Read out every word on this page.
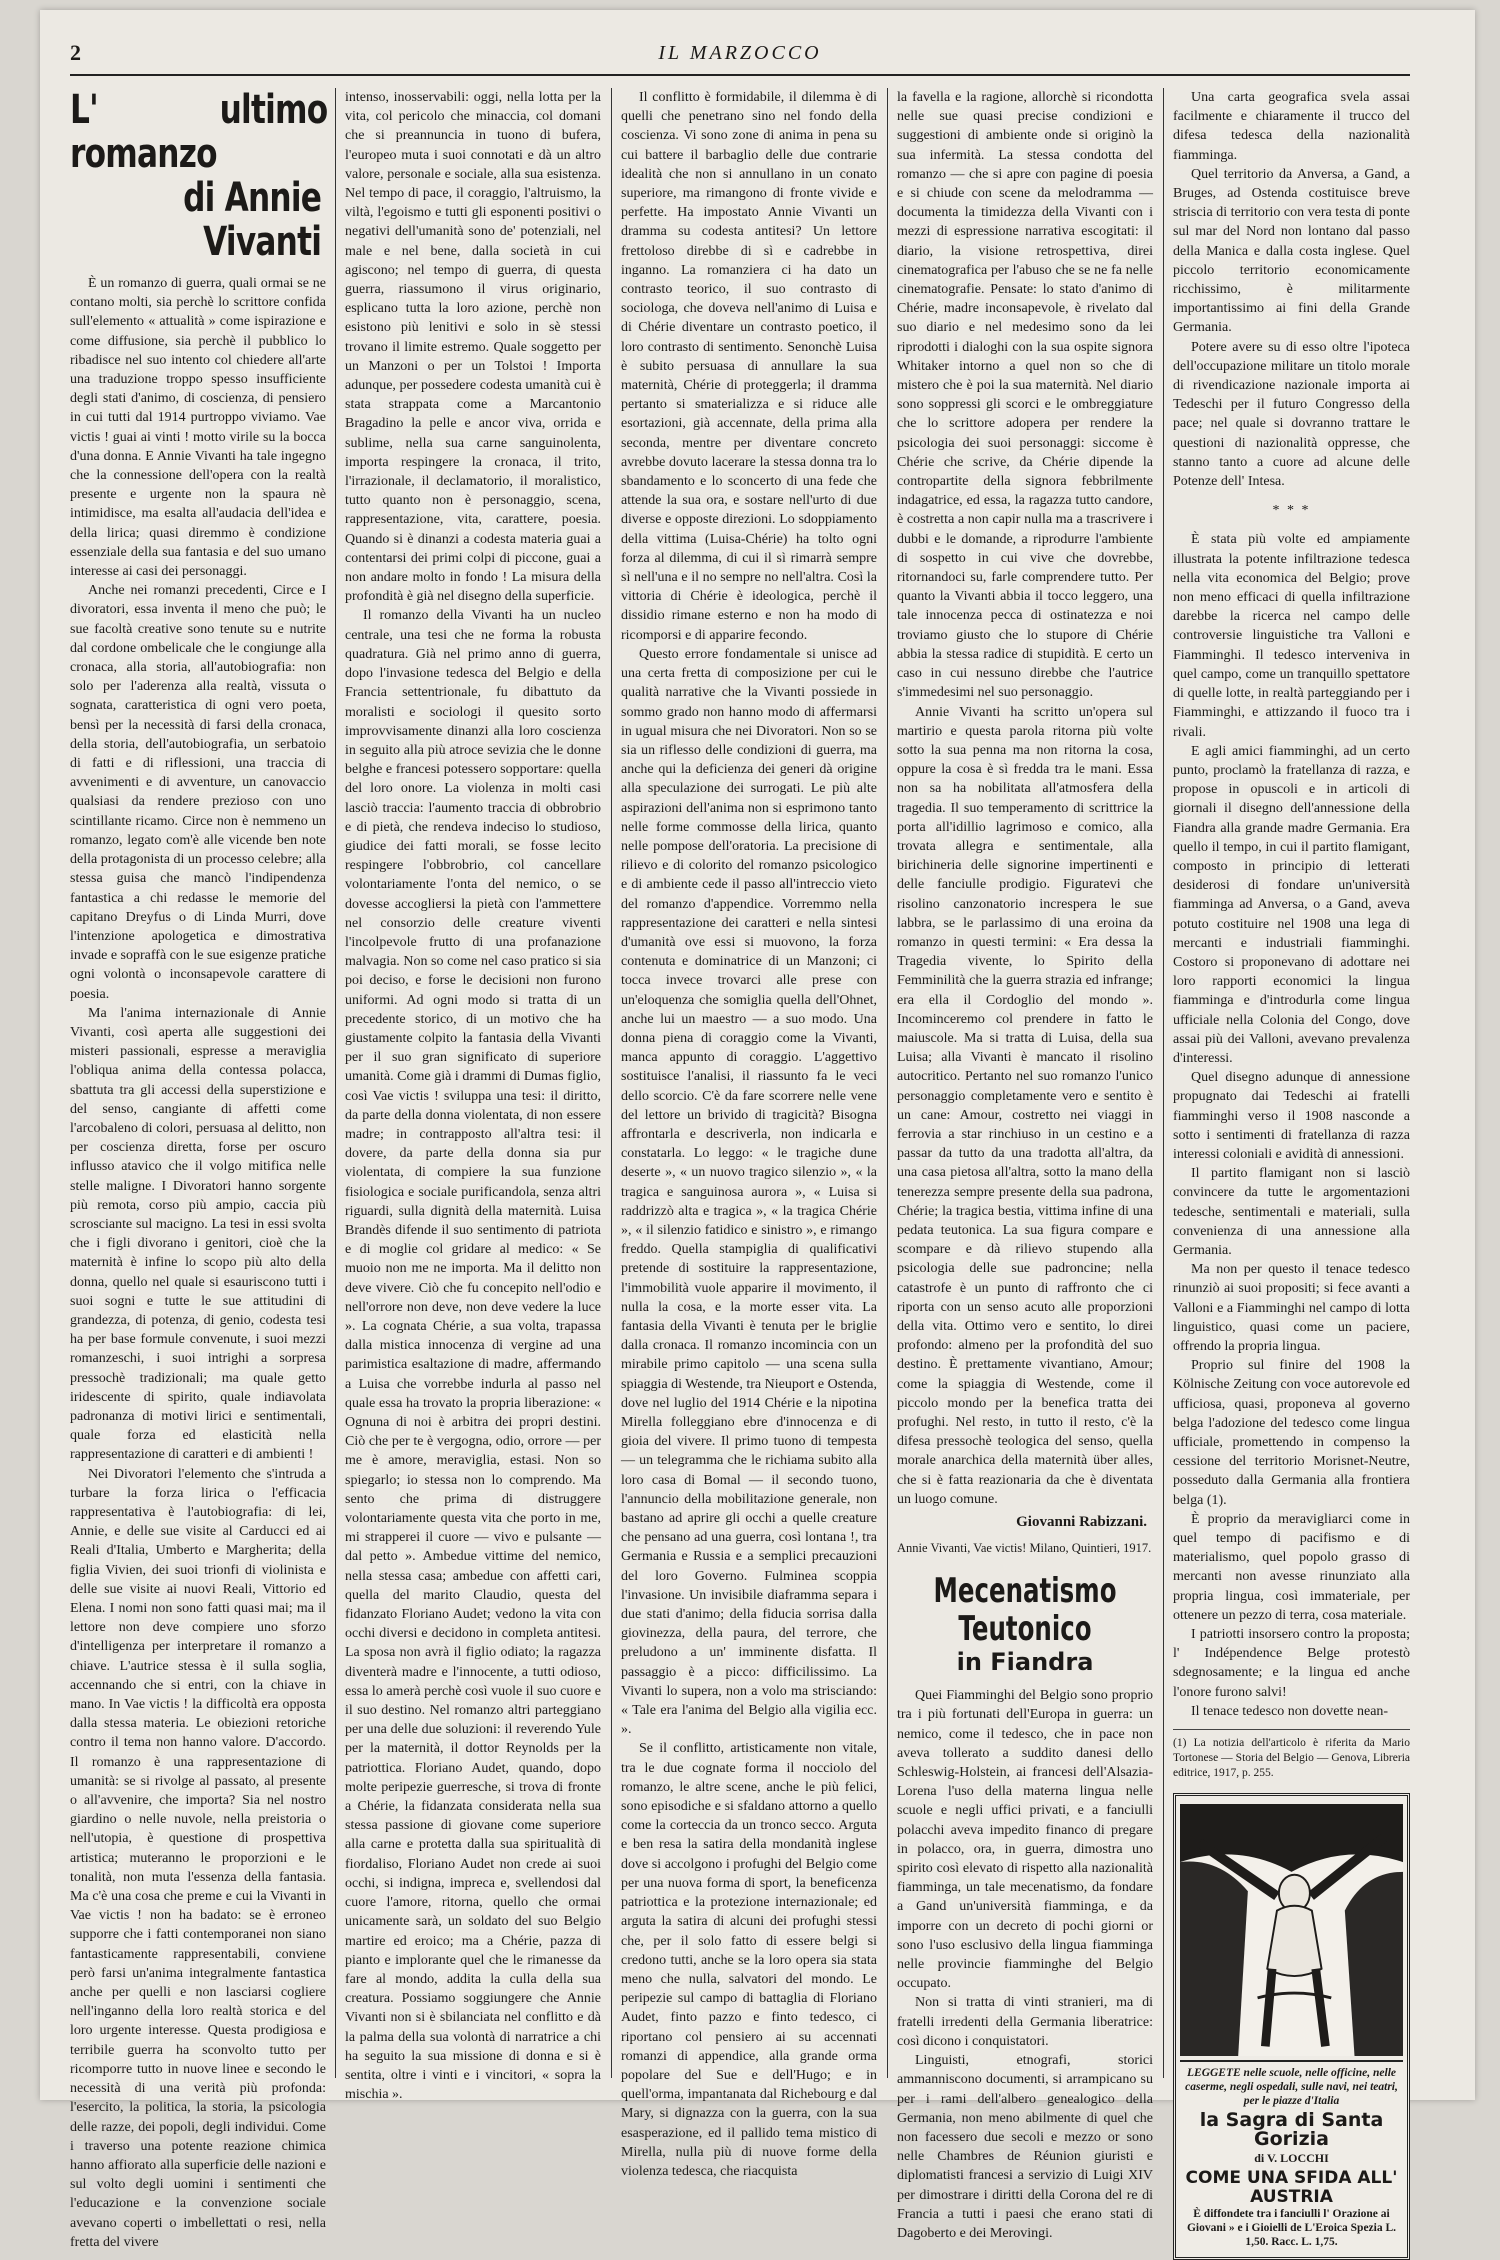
2	IL MARZOCCO
L' ultimo romanzo
di Annie Vivanti

È un romanzo di guerra, quali ormai se ne contano molti, sia perchè lo scrittore confida sull'elemento « attualità » come ispirazione e come diffusione, sia perchè il pubblico lo ribadisce nel suo intento col chiedere all'arte una traduzione troppo spesso insufficiente degli stati d'animo, di coscienza, di pensiero in cui tutti dal 1914 purtroppo viviamo. Vae victis ! guai ai vinti ! motto virile su la bocca d'una donna. E Annie Vivanti ha tale ingegno che la connessione dell'opera con la realtà presente e urgente non la spaura nè intimidisce, ma esalta all'audacia dell'idea e della lirica; quasi diremmo è condizione essenziale della sua fantasia e del suo umano interesse ai casi dei personaggi.

Anche nei romanzi precedenti, Circe e I divoratori, essa inventa il meno che può; le sue facoltà creative sono tenute su e nutrite dal cordone ombelicale che le congiunge alla cronaca, alla storia, all'autobiografia: non solo per l'aderenza alla realtà, vissuta o sognata, caratteristica di ogni vero poeta, bensì per la necessità di farsi della cronaca, della storia, dell'autobiografia, un serbatoio di fatti e di riflessioni, una traccia di avvenimenti e di avventure, un canovaccio qualsiasi da rendere prezioso con uno scintillante ricamo. Circe non è nemmeno un romanzo, legato com'è alle vicende ben note della protagonista di un processo celebre; alla stessa guisa che mancò l'indipendenza fantastica a chi redasse le memorie del capitano Dreyfus o di Linda Murri, dove l'intenzione apologetica e dimostrativa invade e sopraffà con le sue esigenze pratiche ogni volontà o inconsapevole carattere di poesia.

Ma l'anima internazionale di Annie Vivanti, così aperta alle suggestioni dei misteri passionali, espresse a meraviglia l'obliqua anima della contessa polacca, sbattuta tra gli accessi della superstizione e del senso, cangiante di affetti come l'arcobaleno di colori, persuasa al delitto, non per coscienza diretta, forse per oscuro influsso atavico che il volgo mitifica nelle stelle maligne. I Divoratori hanno sorgente più remota, corso più ampio, caccia più scrosciante sul macigno. La tesi in essi svolta che i figli divorano i genitori, cioè che la maternità è infine lo scopo più alto della donna, quello nel quale si esauriscono tutti i suoi sogni e tutte le sue attitudini di grandezza, di potenza, di genio, codesta tesi ha per base formule convenute, i suoi mezzi romanzeschi, i suoi intrighi a sorpresa pressochè tradizionali; ma quale getto iridescente di spirito, quale indiavolata padronanza di motivi lirici e sentimentali, quale forza ed elasticità nella rappresentazione di caratteri e di ambienti !

Nei Divoratori l'elemento che s'intruda a turbare la forza lirica o l'efficacia rappresentativa è l'autobiografia: di lei, Annie, e delle sue visite al Carducci ed ai Reali d'Italia, Umberto e Margherita; della figlia Vivien, dei suoi trionfi di violinista e delle sue visite ai nuovi Reali, Vittorio ed Elena. I nomi non sono fatti quasi mai; ma il lettore non deve compiere uno sforzo d'intelligenza per interpretare il romanzo a chiave. L'autrice stessa è il sulla soglia, accennando che si entri, con la chiave in mano. In Vae victis ! la difficoltà era opposta dalla stessa materia. Le obiezioni retoriche contro il tema non hanno valore. D'accordo. Il romanzo è una rappresentazione di umanità: se si rivolge al passato, al presente o all'avvenire, che importa? Sia nel nostro giardino o nelle nuvole, nella preistoria o nell'utopia, è questione di prospettiva artistica; muteranno le proporzioni e le tonalità, non muta l'essenza della fantasia. Ma c'è una cosa che preme e cui la Vivanti in Vae victis ! non ha badato: se è erroneo supporre che i fatti contemporanei non siano fantasticamente rappresentabili, conviene però farsi un'anima integralmente fantastica anche per quelli e non lasciarsi cogliere nell'inganno della loro realtà storica e del loro urgente interesse. Questa prodigiosa e terribile guerra ha sconvolto tutto per ricomporre tutto in nuove linee e secondo le necessità di una verità più profonda: l'esercito, la politica, la storia, la psicologia delle razze, dei popoli, degli individui. Come i traverso una potente reazione chimica hanno affiorato alla superficie delle nazioni e sul volto degli uomini i sentimenti che l'educazione e la convenzione sociale avevano coperti o imbellettati o resi, nella fretta del vivere

intenso, inosservabili: oggi, nella lotta per la vita, col pericolo che minaccia, col domani che si preannuncia in tuono di bufera, l'europeo muta i suoi connotati e dà un altro valore, personale e sociale, alla sua esistenza. Nel tempo di pace, il coraggio, l'altruismo, la viltà, l'egoismo e tutti gli esponenti positivi o negativi dell'umanità sono de' potenziali, nel male e nel bene, dalla società in cui agiscono; nel tempo di guerra, di questa guerra, riassumono il virus originario, esplicano tutta la loro azione, perchè non esistono più lenitivi e solo in sè stessi trovano il limite estremo. Quale soggetto per un Manzoni o per un Tolstoi ! Importa adunque, per possedere codesta umanità cui è stata strappata come a Marcantonio Bragadino la pelle e ancor viva, orrida e sublime, nella sua carne sanguinolenta, importa respingere la cronaca, il trito, l'irrazionale, il declamatorio, il moralistico, tutto quanto non è personaggio, scena, rappresentazione, vita, carattere, poesia. Quando si è dinanzi a codesta materia guai a contentarsi dei primi colpi di piccone, guai a non andare molto in fondo ! La misura della profondità è già nel disegno della superficie.

Il romanzo della Vivanti ha un nucleo centrale, una tesi che ne forma la robusta quadratura. Già nel primo anno di guerra, dopo l'invasione tedesca del Belgio e della Francia settentrionale, fu dibattuto da moralisti e sociologi il quesito sorto improvvisamente dinanzi alla loro coscienza in seguito alla più atroce sevizia che le donne belghe e francesi potessero sopportare: quella del loro onore. La violenza in molti casi lasciò traccia: l'aumento traccia di obbrobrio e di pietà, che rendeva indeciso lo studioso, giudice dei fatti morali, se fosse lecito respingere l'obbrobrio, col cancellare volontariamente l'onta del nemico, o se dovesse accogliersi la pietà con l'ammettere nel consorzio delle creature viventi l'incolpevole frutto di una profanazione malvagia. Non so come nel caso pratico si sia poi deciso, e forse le decisioni non furono uniformi. Ad ogni modo si tratta di un precedente storico, di un motivo che ha giustamente colpito la fantasia della Vivanti per il suo gran significato di superiore umanità. Come già i drammi di Dumas figlio, così Vae victis ! sviluppa una tesi: il diritto, da parte della donna violentata, di non essere madre; in contrapposto all'altra tesi: il dovere, da parte della donna sia pur violentata, di compiere la sua funzione fisiologica e sociale purificandola, senza altri riguardi, sulla dignità della maternità. Luisa Brandès difende il suo sentimento di patriota e di moglie col gridare al medico: « Se muoio non me ne importa. Ma il delitto non deve vivere. Ciò che fu concepito nell'odio e nell'orrore non deve, non deve vedere la luce ». La cognata Chérie, a sua volta, trapassa dalla mistica innocenza di vergine ad una parimistica esaltazione di madre, affermando a Luisa che vorrebbe indurla al passo nel quale essa ha trovato la propria liberazione: « Ognuna di noi è arbitra dei propri destini. Ciò che per te è vergogna, odio, orrore — per me è amore, meraviglia, estasi. Non so spiegarlo; io stessa non lo comprendo. Ma sento che prima di distruggere volontariamente questa vita che porto in me, mi strapperei il cuore — vivo e pulsante — dal petto ». Ambedue vittime del nemico, nella stessa casa; ambedue con affetti cari, quella del marito Claudio, questa del fidanzato Floriano Audet; vedono la vita con occhi diversi e decidono in completa antitesi. La sposa non avrà il figlio odiato; la ragazza diventerà madre e l'innocente, a tutti odioso, essa lo amerà perchè così vuole il suo cuore e il suo destino. Nel romanzo altri parteggiano per una delle due soluzioni: il reverendo Yule per la maternità, il dottor Reynolds per la patriottica. Floriano Audet, quando, dopo molte peripezie guerresche, si trova di fronte a Chérie, la fidanzata considerata nella sua stessa passione di giovane come superiore alla carne e protetta dalla sua spiritualità di fiordaliso, Floriano Audet non crede ai suoi occhi, si indigna, impreca e, svellendosi dal cuore l'amore, ritorna, quello che ormai unicamente sarà, un soldato del suo Belgio martire ed eroico; ma a Chérie, pazza di pianto e implorante quel che le rimanesse da fare al mondo, addita la culla della sua creatura. Possiamo soggiungere che Annie Vivanti non si è sbilanciata nel conflitto e dà la palma della sua volontà di narratrice a chi ha seguito la sua missione di donna e si è sentita, oltre i vinti e i vincitori, « sopra la mischia ».

Il conflitto è formidabile, il dilemma è di quelli che penetrano sino nel fondo della coscienza. Vi sono zone di anima in pena su cui battere il barbaglio delle due contrarie idealità che non si annullano in un conato superiore, ma rimangono di fronte vivide e perfette. Ha impostato Annie Vivanti un dramma su codesta antitesi? Un lettore frettoloso direbbe di sì e cadrebbe in inganno. La romanziera ci ha dato un contrasto teorico, il suo contrasto di sociologa, che doveva nell'animo di Luisa e di Chérie diventare un contrasto poetico, il loro contrasto di sentimento. Senonchè Luisa è subito persuasa di annullare la sua maternità, Chérie di proteggerla; il dramma pertanto si smaterializza e si riduce alle esortazioni, già accennate, della prima alla seconda, mentre per diventare concreto avrebbe dovuto lacerare la stessa donna tra lo sbandamento e lo sconcerto di una fede che attende la sua ora, e sostare nell'urto di due diverse e opposte direzioni. Lo sdoppiamento della vittima (Luisa-Chérie) ha tolto ogni forza al dilemma, di cui il sì rimarrà sempre sì nell'una e il no sempre no nell'altra. Così la vittoria di Chérie è ideologica, perchè il dissidio rimane esterno e non ha modo di ricomporsi e di apparire fecondo.

Questo errore fondamentale si unisce ad una certa fretta di composizione per cui le qualità narrative che la Vivanti possiede in sommo grado non hanno modo di affermarsi in ugual misura che nei Divoratori. Non so se sia un riflesso delle condizioni di guerra, ma anche qui la deficienza dei generi dà origine alla speculazione dei surrogati. Le più alte aspirazioni dell'anima non si esprimono tanto nelle forme commosse della lirica, quanto nelle pompose dell'oratoria. La precisione di rilievo e di colorito del romanzo psicologico e di ambiente cede il passo all'intreccio vieto del romanzo d'appendice. Vorremmo nella rappresentazione dei caratteri e nella sintesi d'umanità ove essi si muovono, la forza contenuta e dominatrice di un Manzoni; ci tocca invece trovarci alle prese con un'eloquenza che somiglia quella dell'Ohnet, anche lui un maestro — a suo modo. Una donna piena di coraggio come la Vivanti, manca appunto di coraggio. L'aggettivo sostituisce l'analisi, il riassunto fa le veci dello scorcio. C'è da fare scorrere nelle vene del lettore un brivido di tragicità? Bisogna affrontarla e descriverla, non indicarla e constatarla. Lo leggo: « le tragiche dune deserte », « un nuovo tragico silenzio », « la tragica e sanguinosa aurora », « Luisa si raddrizzò alta e tragica », « la tragica Chérie », « il silenzio fatidico e sinistro », e rimango freddo. Quella stampiglia di qualificativi pretende di sostituire la rappresentazione, l'immobilità vuole apparire il movimento, il nulla la cosa, e la morte esser vita. La fantasia della Vivanti è tenuta per le briglie dalla cronaca. Il romanzo incomincia con un mirabile primo capitolo — una scena sulla spiaggia di Westende, tra Nieuport e Ostenda, dove nel luglio del 1914 Chérie e la nipotina Mirella folleggiano ebre d'innocenza e di gioia del vivere. Il primo tuono di tempesta — un telegramma che le richiama subito alla loro casa di Bomal — il secondo tuono, l'annuncio della mobilitazione generale, non bastano ad aprire gli occhi a quelle creature che pensano ad una guerra, così lontana !, tra Germania e Russia e a semplici precauzioni del loro Governo. Fulminea scoppia l'invasione. Un invisibile diaframma separa i due stati d'animo; della fiducia sorrisa dalla giovinezza, della paura, del terrore, che preludono a un' imminente disfatta. Il passaggio è a picco: difficilissimo. La Vivanti lo supera, non a volo ma strisciando: « Tale era l'anima del Belgio alla vigilia ecc. ».

Se il conflitto, artisticamente non vitale, tra le due cognate forma il nocciolo del romanzo, le altre scene, anche le più felici, sono episodiche e si sfaldano attorno a quello come la corteccia da un tronco secco. Arguta e ben resa la satira della mondanità inglese dove si accolgono i profughi del Belgio come per una nuova forma di sport, la beneficenza patriottica e la protezione internazionale; ed arguta la satira di alcuni dei profughi stessi che, per il solo fatto di essere belgi si credono tutti, anche se la loro opera sia stata meno che nulla, salvatori del mondo. Le peripezie sul campo di battaglia di Floriano Audet, finto pazzo e finto tedesco, ci riportano col pensiero ai su accennati romanzi di appendice, alla grande orma popolare del Sue e dell'Hugo; e in quell'orma, impantanata dal Richebourg e dal Mary, si dignazza con la guerra, con la sua esasperazione, ed il pallido tema mistico di Mirella, nulla più di nuove forme della violenza tedesca, che riacquista

la favella e la ragione, allorchè si ricondotta nelle sue quasi precise condizioni e suggestioni di ambiente onde si originò la sua infermità. La stessa condotta del romanzo — che si apre con pagine di poesia e si chiude con scene da melodramma — documenta la timidezza della Vivanti con i mezzi di espressione narrativa escogitati: il diario, la visione retrospettiva, direi cinematografica per l'abuso che se ne fa nelle cinematografie. Pensate: lo stato d'animo di Chérie, madre inconsapevole, è rivelato dal suo diario e nel medesimo sono da lei riprodotti i dialoghi con la sua ospite signora Whitaker intorno a quel non so che di mistero che è poi la sua maternità. Nel diario sono soppressi gli scorci e le ombreggiature che lo scrittore adopera per rendere la psicologia dei suoi personaggi: siccome è Chérie che scrive, da Chérie dipende la contropartite della signora febbrilmente indagatrice, ed essa, la ragazza tutto candore, è costretta a non capir nulla ma a trascrivere i dubbi e le domande, a riprodurre l'ambiente di sospetto in cui vive che dovrebbe, ritornandoci su, farle comprendere tutto. Per quanto la Vivanti abbia il tocco leggero, una tale innocenza pecca di ostinatezza e noi troviamo giusto che lo stupore di Chérie abbia la stessa radice di stupidità. E certo un caso in cui nessuno direbbe che l'autrice s'immedesimi nel suo personaggio.

Annie Vivanti ha scritto un'opera sul martirio e questa parola ritorna più volte sotto la sua penna ma non ritorna la cosa, oppure la cosa è sì fredda tra le mani. Essa non sa ha nobilitata all'atmosfera della tragedia. Il suo temperamento di scrittrice la porta all'idillio lagrimoso e comico, alla trovata allegra e sentimentale, alla birichineria delle signorine impertinenti e delle fanciulle prodigio. Figuratevi che risolino canzonatorio increspera le sue labbra, se le parlassimo di una eroina da romanzo in questi termini: « Era dessa la Tragedia vivente, lo Spirito della Femminilità che la guerra strazia ed infrange; era ella il Cordoglio del mondo ». Incominceremo col prendere in fatto le maiuscole. Ma si tratta di Luisa, della sua Luisa; alla Vivanti è mancato il risolino autocritico. Pertanto nel suo romanzo l'unico personaggio completamente vero e sentito è un cane: Amour, costretto nei viaggi in ferrovia a star rinchiuso in un cestino e a passar da tutto da una tradotta all'altra, da una casa pietosa all'altra, sotto la mano della tenerezza sempre presente della sua padrona, Chérie; la tragica bestia, vittima infine di una pedata teutonica. La sua figura compare e scompare e dà rilievo stupendo alla psicologia delle sue padroncine; nella catastrofe è un punto di raffronto che ci riporta con un senso acuto alle proporzioni della vita. Ottimo vero e sentito, lo direi profondo: almeno per la profondità del suo destino. È prettamente vivantiano, Amour; come la spiaggia di Westende, come il piccolo mondo per la benefica tratta dei profughi. Nel resto, in tutto il resto, c'è la difesa pressochè teologica del senso, quella morale anarchica della maternità über alles, che si è fatta reazionaria da che è diventata un luogo comune.

Giovanni Rabizzani.
Annie Vivanti, Vae victis! Milano, Quintieri, 1917.
Mecenatismo Teutonico
in Fiandra

Quei Fiamminghi del Belgio sono proprio tra i più fortunati dell'Europa in guerra: un nemico, come il tedesco, che in pace non aveva tollerato a suddito danesi dello Schleswig-Holstein, ai francesi dell'Alsazia-Lorena l'uso della materna lingua nelle scuole e negli uffici privati, e a fanciulli polacchi aveva impedito financo di pregare in polacco, ora, in guerra, dimostra uno spirito così elevato di rispetto alla nazionalità fiamminga, un tale mecenatismo, da fondare a Gand un'università fiamminga, e da imporre con un decreto di pochi giorni or sono l'uso esclusivo della lingua fiamminga nelle provincie fiamminghe del Belgio occupato.

Non si tratta di vinti stranieri, ma di fratelli irredenti della Germania liberatrice: così dicono i conquistatori.

Linguisti, etnografi, storici ammanniscono documenti, si arrampicano su per i rami dell'albero genealogico della Germania, non meno abilmente di quel che non facessero due secoli e mezzo or sono nelle Chambres de Réunion giuristi e diplomatisti francesi a servizio di Luigi XIV per dimostrare i diritti della Corona del re di Francia a tutti i paesi che erano stati di Dagoberto e dei Merovingi.

Una carta geografica svela assai facilmente e chiaramente il trucco del difesa tedesca della nazionalità fiamminga.

Quel territorio da Anversa, a Gand, a Bruges, ad Ostenda costituisce breve striscia di territorio con vera testa di ponte sul mar del Nord non lontano dal passo della Manica e dalla costa inglese. Quel piccolo territorio economicamente ricchissimo, è militarmente importantissimo ai fini della Grande Germania.

Potere avere su di esso oltre l'ipoteca dell'occupazione militare un titolo morale di rivendicazione nazionale importa ai Tedeschi per il futuro Congresso della pace; nel quale si dovranno trattare le questioni di nazionalità oppresse, che stanno tanto a cuore ad alcune delle Potenze dell' Intesa.

* * *

È stata più volte ed ampiamente illustrata la potente infiltrazione tedesca nella vita economica del Belgio; prove non meno efficaci di quella infiltrazione darebbe la ricerca nel campo delle controversie linguistiche tra Valloni e Fiamminghi. Il tedesco interveniva in quel campo, come un tranquillo spettatore di quelle lotte, in realtà parteggiando per i Fiamminghi, e attizzando il fuoco tra i rivali.

E agli amici fiamminghi, ad un certo punto, proclamò la fratellanza di razza, e propose in opuscoli e in articoli di giornali il disegno dell'annessione della Fiandra alla grande madre Germania. Era quello il tempo, in cui il partito flamigant, composto in principio di letterati desiderosi di fondare un'università fiamminga ad Anversa, o a Gand, aveva potuto costituire nel 1908 una lega di mercanti e industriali fiamminghi. Costoro si proponevano di adottare nei loro rapporti economici la lingua fiamminga e d'introdurla come lingua ufficiale nella Colonia del Congo, dove assai più dei Valloni, avevano prevalenza d'interessi.

Quel disegno adunque di annessione propugnato dai Tedeschi ai fratelli fiamminghi verso il 1908 nasconde a sotto i sentimenti di fratellanza di razza interessi coloniali e avidità di annessioni.

Il partito flamigant non si lasciò convincere da tutte le argomentazioni tedesche, sentimentali e materiali, sulla convenienza di una annessione alla Germania.

Ma non per questo il tenace tedesco rinunziò ai suoi propositi; si fece avanti a Valloni e a Fiamminghi nel campo di lotta linguistico, quasi come un paciere, offrendo la propria lingua.

Proprio sul finire del 1908 la Kölnische Zeitung con voce autorevole ed ufficiosa, quasi, proponeva al governo belga l'adozione del tedesco come lingua ufficiale, promettendo in compenso la cessione del territorio Morisnet-Neutre, posseduto dalla Germania alla frontiera belga (1).

È proprio da meravigliarci come in quel tempo di pacifismo e di materialismo, quel popolo grasso di mercanti non avesse rinunziato alla propria lingua, così immateriale, per ottenere un pezzo di terra, cosa materiale.

I patriotti insorsero contro la proposta; l' Indépendence Belge protestò sdegnosamente; e la lingua ed anche l'onore furono salvi!

Il tenace tedesco non dovette nean-

(1) La notizia dell'articolo è riferita da Mario Tortonese — Storia del Belgio — Genova, Libreria editrice, 1917, p. 255.
LEGGETE nelle scuole, nelle officine, nelle caserme, negli ospedali, sulle navi, nei teatri, per le piazze d'Italia
la Sagra di Santa Gorizia
di V. LOCCHI
COME UNA SFIDA ALL' AUSTRIA
È diffondete tra i fanciulli l' Orazione ai Giovani » e i Gioielli de L'Eroica Spezia L. 1,50. Racc. L. 1,75.
